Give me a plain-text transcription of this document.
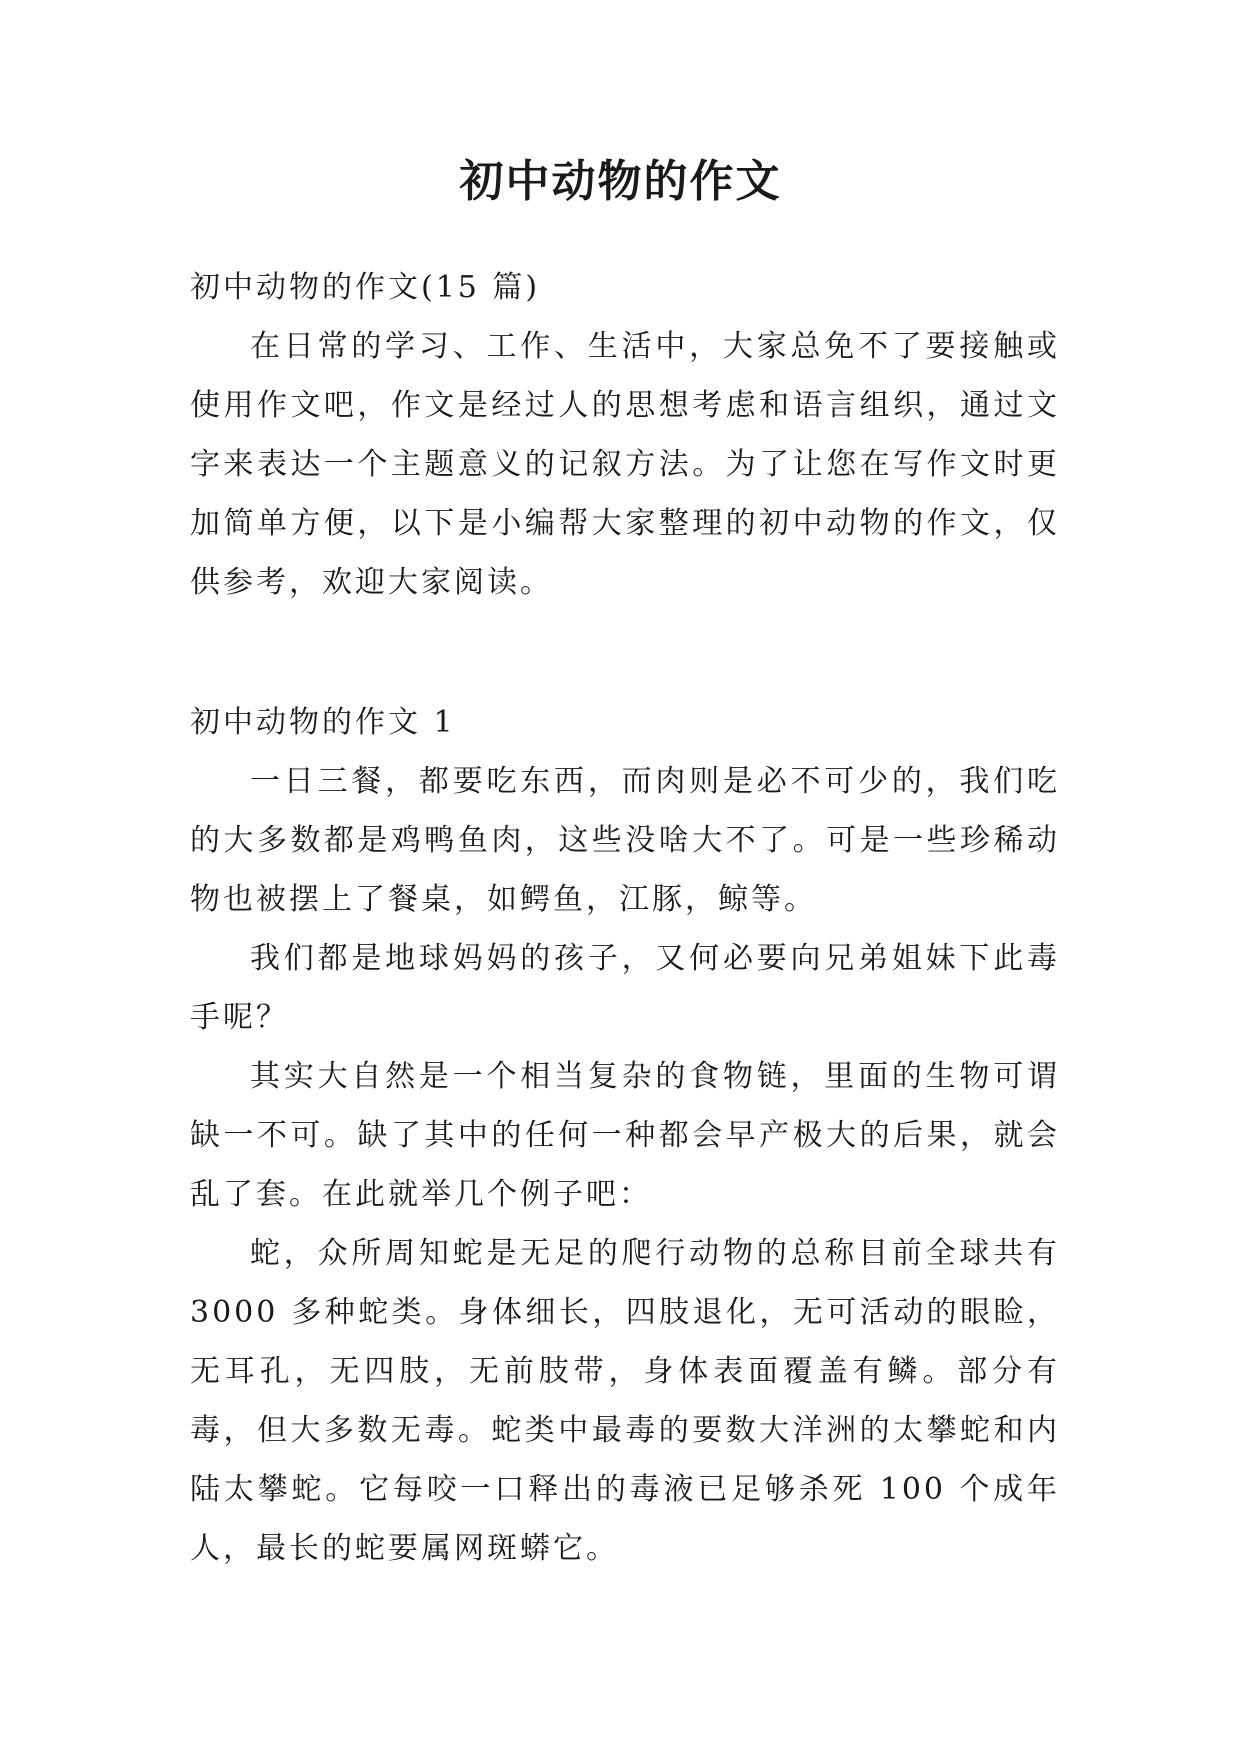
初中动物的作文

初中动物的作文(15 篇)

在日常的学习、工作、生活中，大家总免不了要接触或使用作文吧，作文是经过人的思想考虑和语言组织，通过文字来表达一个主题意义的记叙方法。为了让您在写作文时更加简单方便，以下是小编帮大家整理的初中动物的作文，仅供参考，欢迎大家阅读。

初中动物的作文 1

一日三餐，都要吃东西，而肉则是必不可少的，我们吃的大多数都是鸡鸭鱼肉，这些没啥大不了。可是一些珍稀动物也被摆上了餐桌，如鳄鱼，江豚，鲸等。

我们都是地球妈妈的孩子，又何必要向兄弟姐妹下此毒手呢？

其实大自然是一个相当复杂的食物链，里面的生物可谓缺一不可。缺了其中的任何一种都会早产极大的后果，就会乱了套。在此就举几个例子吧：

蛇，众所周知蛇是无足的爬行动物的总称目前全球共有3000 多种蛇类。身体细长，四肢退化，无可活动的眼睑，无耳孔，无四肢，无前肢带，身体表面覆盖有鳞。部分有毒，但大多数无毒。蛇类中最毒的要数大洋洲的太攀蛇和内陆太攀蛇。它每咬一口释出的毒液已足够杀死 100 个成年人，最长的蛇要属网斑蟒它。
